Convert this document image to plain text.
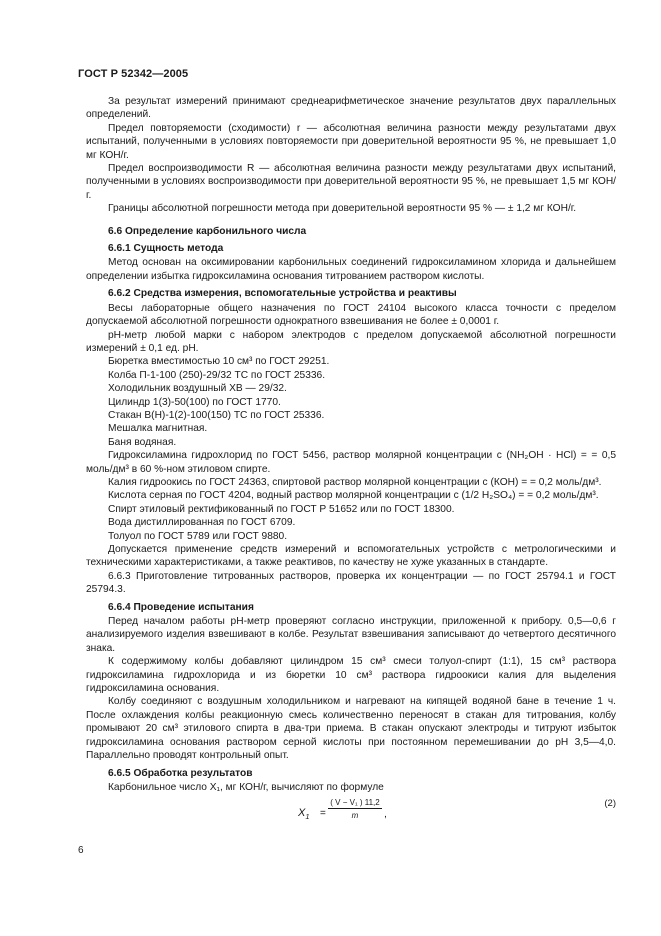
ГОСТ Р 52342—2005

За результат измерений принимают среднеарифметическое значение результатов двух параллельных определений.

Предел повторяемости (сходимости) r — абсолютная величина разности между результатами двух испытаний, полученными в условиях повторяемости при доверительной вероятности 95 %, не превышает 1,0 мг КОН/г.

Предел воспроизводимости R — абсолютная величина разности между результатами двух испытаний, полученными в условиях воспроизводимости при доверительной вероятности 95 %, не превышает 1,5 мг КОН/г.

Границы абсолютной погрешности метода при доверительной вероятности 95 % — ± 1,2 мг КОН/г.

6.6 Определение карбонильного числа
6.6.1 Сущность метода

Метод основан на оксимировании карбонильных соединений гидроксиламином хлорида и дальнейшем определении избытка гидроксиламина основания титрованием раствором кислоты.

6.6.2 Средства измерения, вспомогательные устройства и реактивы

Весы лабораторные общего назначения по ГОСТ 24104 высокого класса точности с пределом допускаемой абсолютной погрешности однократного взвешивания не более ± 0,0001 г.

рН-метр любой марки с набором электродов с пределом допускаемой абсолютной погрешности измерений ± 0,1 ед. рН.

Бюретка вместимостью 10 см³ по ГОСТ 29251.

Колба П-1-100 (250)-29/32 ТС по ГОСТ 25336.

Холодильник воздушный ХВ — 29/32.

Цилиндр 1(3)-50(100) по ГОСТ 1770.

Стакан В(Н)-1(2)-100(150) ТС по ГОСТ 25336.

Мешалка магнитная.

Баня водяная.

Гидроксиламина гидрохлорид по ГОСТ 5456, раствор молярной концентрации c (NH₂OH · HCl) = = 0,5 моль/дм³ в 60 %-ном этиловом спирте.

Калия гидроокись по ГОСТ 24363, спиртовой раствор молярной концентрации c (КОН) = = 0,2 моль/дм³.

Кислота серная по ГОСТ 4204, водный раствор молярной концентрации c (1/2 H₂SO₄) = = 0,2 моль/дм³.

Спирт этиловый ректификованный по ГОСТ Р 51652 или по ГОСТ 18300.

Вода дистиллированная по ГОСТ 6709.

Толуол по ГОСТ 5789 или ГОСТ 9880.

Допускается применение средств измерений и вспомогательных устройств с метрологическими и техническими характеристиками, а также реактивов, по качеству не хуже указанных в стандарте.

6.6.3 Приготовление титрованных растворов, проверка их концентрации — по ГОСТ 25794.1 и ГОСТ 25794.3.

6.6.4 Проведение испытания

Перед началом работы рН-метр проверяют согласно инструкции, приложенной к прибору. 0,5—0,6 г анализируемого изделия взвешивают в колбе. Результат взвешивания записывают до четвертого десятичного знака.

К содержимому колбы добавляют цилиндром 15 см³ смеси толуол-спирт (1:1), 15 см³ раствора гидроксиламина гидрохлорида и из бюретки 10 см³ раствора гидроокиси калия для выделения гидроксиламина основания.

Колбу соединяют с воздушным холодильником и нагревают на кипящей водяной бане в течение 1 ч. После охлаждения колбы реакционную смесь количественно переносят в стакан для титрования, колбу промывают 20 см³ этилового спирта в два-три приема. В стакан опускают электроды и титруют избыток гидроксиламина основания раствором серной кислоты при постоянном перемешивании до рН 3,5—4,0. Параллельно проводят контрольный опыт.

6.6.5 Обработка результатов

Карбонильное число X₁, мг КОН/г, вычисляют по формуле

$X_1 = \frac{\text{( V − V₁ ) 11,2}}{m}$ ,
(2)
6
